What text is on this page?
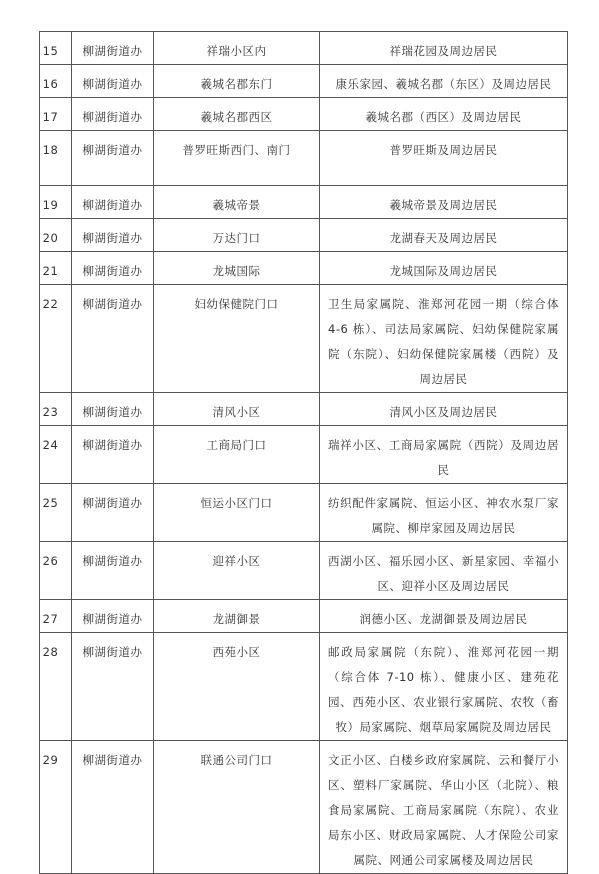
15	柳湖街道办	祥瑞小区内	祥瑞花园及周边居民
16	柳湖街道办	羲城名郡东门	康乐家园、羲城名郡（东区）及周边居民
17	柳湖街道办	羲城名郡西区	羲城名郡（西区）及周边居民
18	柳湖街道办	普罗旺斯西门、南门	普罗旺斯及周边居民
19	柳湖街道办	羲城帝景	羲城帝景及周边居民
20	柳湖街道办	万达门口	龙湖春天及周边居民
21	柳湖街道办	龙城国际	龙城国际及周边居民
22	柳湖街道办	妇幼保健院门口	卫生局家属院、淮郑河花园一期（综合体 4-6 栋）、司法局家属院、妇幼保健院家属院（东院）、妇幼保健院家属楼（西院）及周边居民
23	柳湖街道办	清风小区	清风小区及周边居民
24	柳湖街道办	工商局门口	瑞祥小区、工商局家属院（西院）及周边居民
25	柳湖街道办	恒运小区门口	纺织配件家属院、恒运小区、神农水泵厂家属院、柳岸家园及周边居民
26	柳湖街道办	迎祥小区	西湖小区、福乐园小区、新星家园、幸福小区、迎祥小区及周边居民
27	柳湖街道办	龙湖御景	润德小区、龙湖御景及周边居民
28	柳湖街道办	西苑小区	邮政局家属院（东院）、淮郑河花园一期（综合体 7-10 栋）、健康小区、建苑花园、西苑小区、农业银行家属院、农牧（畜牧）局家属院、烟草局家属院及周边居民
29	柳湖街道办	联通公司门口	文正小区、白楼乡政府家属院、云和餐厅小区、塑料厂家属院、华山小区（北院）、粮食局家属院、工商局家属院（东院）、农业局东小区、财政局家属院、人才保险公司家属院、网通公司家属楼及周边居民
